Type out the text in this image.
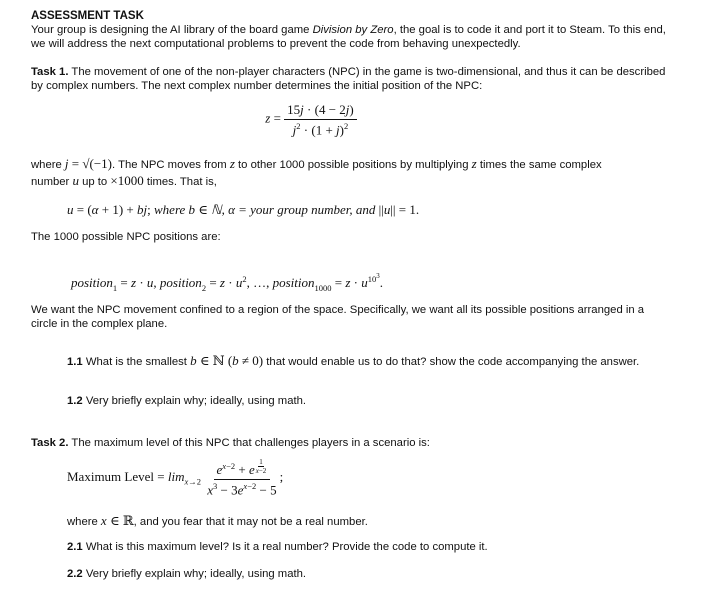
ASSESSMENT TASK

Your group is designing the AI library of the board game Division by Zero, the goal is to code it and port it to Steam. To this end, we will address the next computational problems to prevent the code from behaving unexpectedly.

Task 1. The movement of one of the non-player characters (NPC) in the game is two-dimensional, and thus it can be described by complex numbers. The next complex number determines the initial position of the NPC:

$z = \frac{15j \cdot (4 - 2j)}{j^2 \cdot (1 + j)^2}$

where j = √(−1). The NPC moves from z to other 1000 possible positions by multiplying z times the same complex
number u up to ×1000 times. That is,

u = (α + 1) + bj; where b ∈ ℕ, α = your group number, and ||u|| = 1.

The 1000 possible NPC positions are:

position$_1$ = z · u, position$_2$ = $z \cdot u^2$, …, position$_{1000}$ = $z \cdot u^{10^3}$.

We want the NPC movement confined to a region of the space. Specifically, we want all its possible positions arranged in a circle in the complex plane.

1.1 What is the smallest b ∈ ℕ (b ≠ 0) that would enable us to do that? show the code accompanying the answer.

1.2 Very briefly explain why; ideally, using math.

Task 2. The maximum level of this NPC that challenges players in a scenario is:

Maximum Level = $\lim_{x\to 2} e^{x-2} + e$ $^{\frac{1}{x-2}}$
$x^3 - 3e^{x-2} - 5$ ;

where x ∈ ℝ, and you fear that it may not be a real number.

2.1 What is this maximum level? Is it a real number? Provide the code to compute it.

2.2 Very briefly explain why; ideally, using math.
